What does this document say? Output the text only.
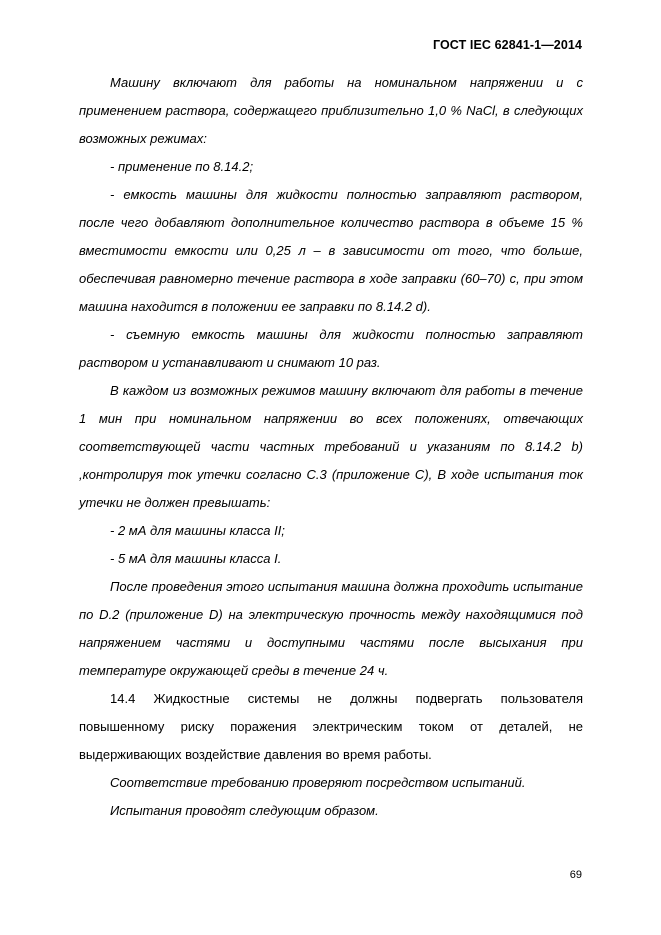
ГОСТ IEC 62841-1—2014

Машину включают для работы на номинальном напряжении и с применением раствора, содержащего приблизительно 1,0 % NaCl, в следующих возможных режимах:

- применение по 8.14.2;

- емкость машины для жидкости полностью заправляют раствором, после чего добавляют дополнительное количество раствора в объеме 15 % вместимости емкости или 0,25 л – в зависимости от того, что больше, обеспечивая равномерно течение раствора в ходе заправки (60–70) с, при этом машина находится в положении ее заправки по 8.14.2 d).

- съемную емкость машины для жидкости полностью заправляют раствором и устанавливают и снимают 10 раз.

В каждом из возможных режимов машину включают для работы в течение 1 мин при номинальном напряжении во всех положениях, отвечающих соответствующей части частных требований и указаниям по 8.14.2 b) ,контролируя ток утечки согласно C.3 (приложение C), В ходе испытания ток утечки не должен превышать:

- 2 мА для машины класса II;

- 5 мА для машины класса I.

После проведения этого испытания машина должна проходить испытание по D.2 (приложение D) на электрическую прочность между находящимися под напряжением частями и доступными частями после высыхания при температуре окружающей среды в течение 24 ч.

14.4 Жидкостные системы не должны подвергать пользователя повышенному риску поражения электрическим током от деталей, не выдерживающих воздействие давления во время работы.

Соответствие требованию проверяют посредством испытаний.

Испытания проводят следующим образом.

69
